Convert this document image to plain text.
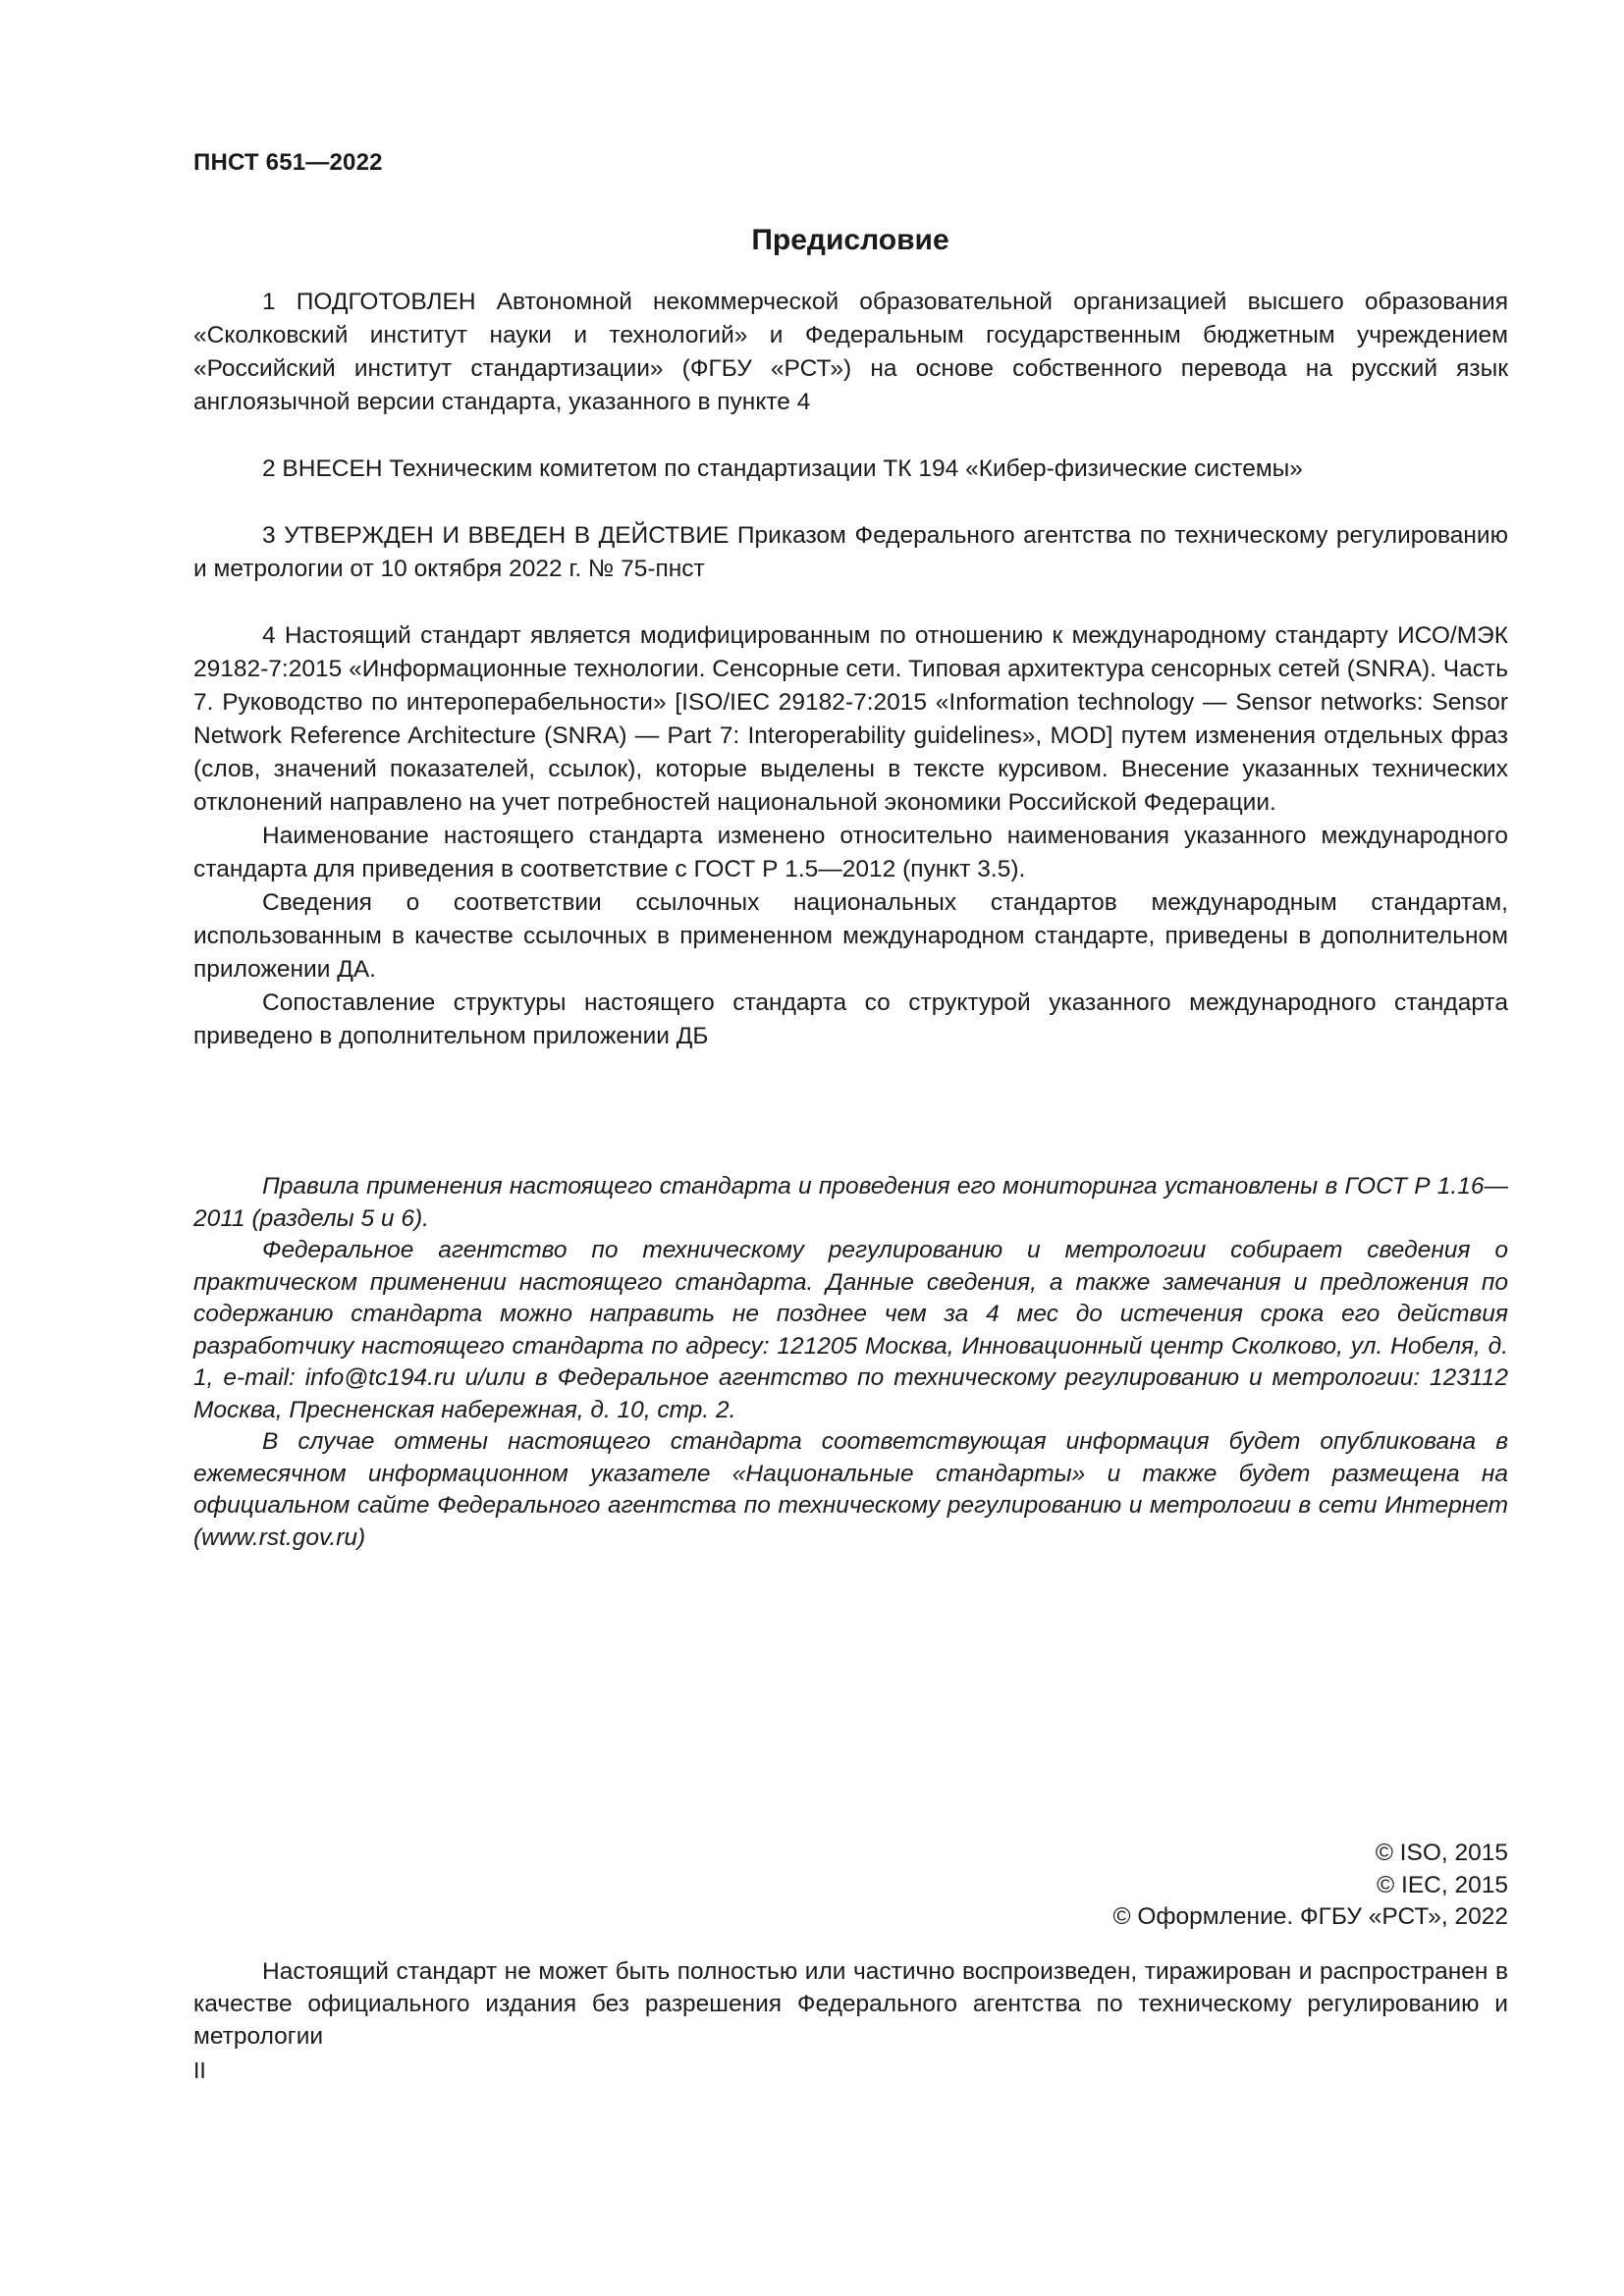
ПНСТ 651—2022
Предисловие

1 ПОДГОТОВЛЕН Автономной некоммерческой образовательной организацией высшего образования «Сколковский институт науки и технологий» и Федеральным государственным бюджетным учреждением «Российский институт стандартизации» (ФГБУ «РСТ») на основе собственного перевода на русский язык англоязычной версии стандарта, указанного в пункте 4

2 ВНЕСЕН Техническим комитетом по стандартизации ТК 194 «Кибер-физические системы»

3 УТВЕРЖДЕН И ВВЕДЕН В ДЕЙСТВИЕ Приказом Федерального агентства по техническому регулированию и метрологии от 10 октября 2022 г. № 75-пнст

4 Настоящий стандарт является модифицированным по отношению к международному стандарту ИСО/МЭК 29182-7:2015 «Информационные технологии. Сенсорные сети. Типовая архитектура сенсорных сетей (SNRA). Часть 7. Руководство по интероперабельности» [ISO/IEC 29182-7:2015 «Information technology — Sensor networks: Sensor Network Reference Architecture (SNRA) — Part 7: Interoperability guidelines», MOD] путем изменения отдельных фраз (слов, значений показателей, ссылок), которые выделены в тексте курсивом. Внесение указанных технических отклонений направлено на учет потребностей национальной экономики Российской Федерации.

Наименование настоящего стандарта изменено относительно наименования указанного международного стандарта для приведения в соответствие с ГОСТ Р 1.5—2012 (пункт 3.5).

Сведения о соответствии ссылочных национальных стандартов международным стандартам, использованным в качестве ссылочных в примененном международном стандарте, приведены в дополнительном приложении ДА.

Сопоставление структуры настоящего стандарта со структурой указанного международного стандарта приведено в дополнительном приложении ДБ

Правила применения настоящего стандарта и проведения его мониторинга установлены в ГОСТ Р 1.16—2011 (разделы 5 и 6).

Федеральное агентство по техническому регулированию и метрологии собирает сведения о практическом применении настоящего стандарта. Данные сведения, а также замечания и предложения по содержанию стандарта можно направить не позднее чем за 4 мес до истечения срока его действия разработчику настоящего стандарта по адресу: 121205 Москва, Инновационный центр Сколково, ул. Нобеля, д. 1, e-mail: info@tc194.ru и/или в Федеральное агентство по техническому регулированию и метрологии: 123112 Москва, Пресненская набережная, д. 10, стр. 2.

В случае отмены настоящего стандарта соответствующая информация будет опубликована в ежемесячном информационном указателе «Национальные стандарты» и также будет размещена на официальном сайте Федерального агентства по техническому регулированию и метрологии в сети Интернет (www.rst.gov.ru)

© ISO, 2015
© IEC, 2015
© Оформление. ФГБУ «РСТ», 2022

Настоящий стандарт не может быть полностью или частично воспроизведен, тиражирован и распространен в качестве официального издания без разрешения Федерального агентства по техническому регулированию и метрологии

II
